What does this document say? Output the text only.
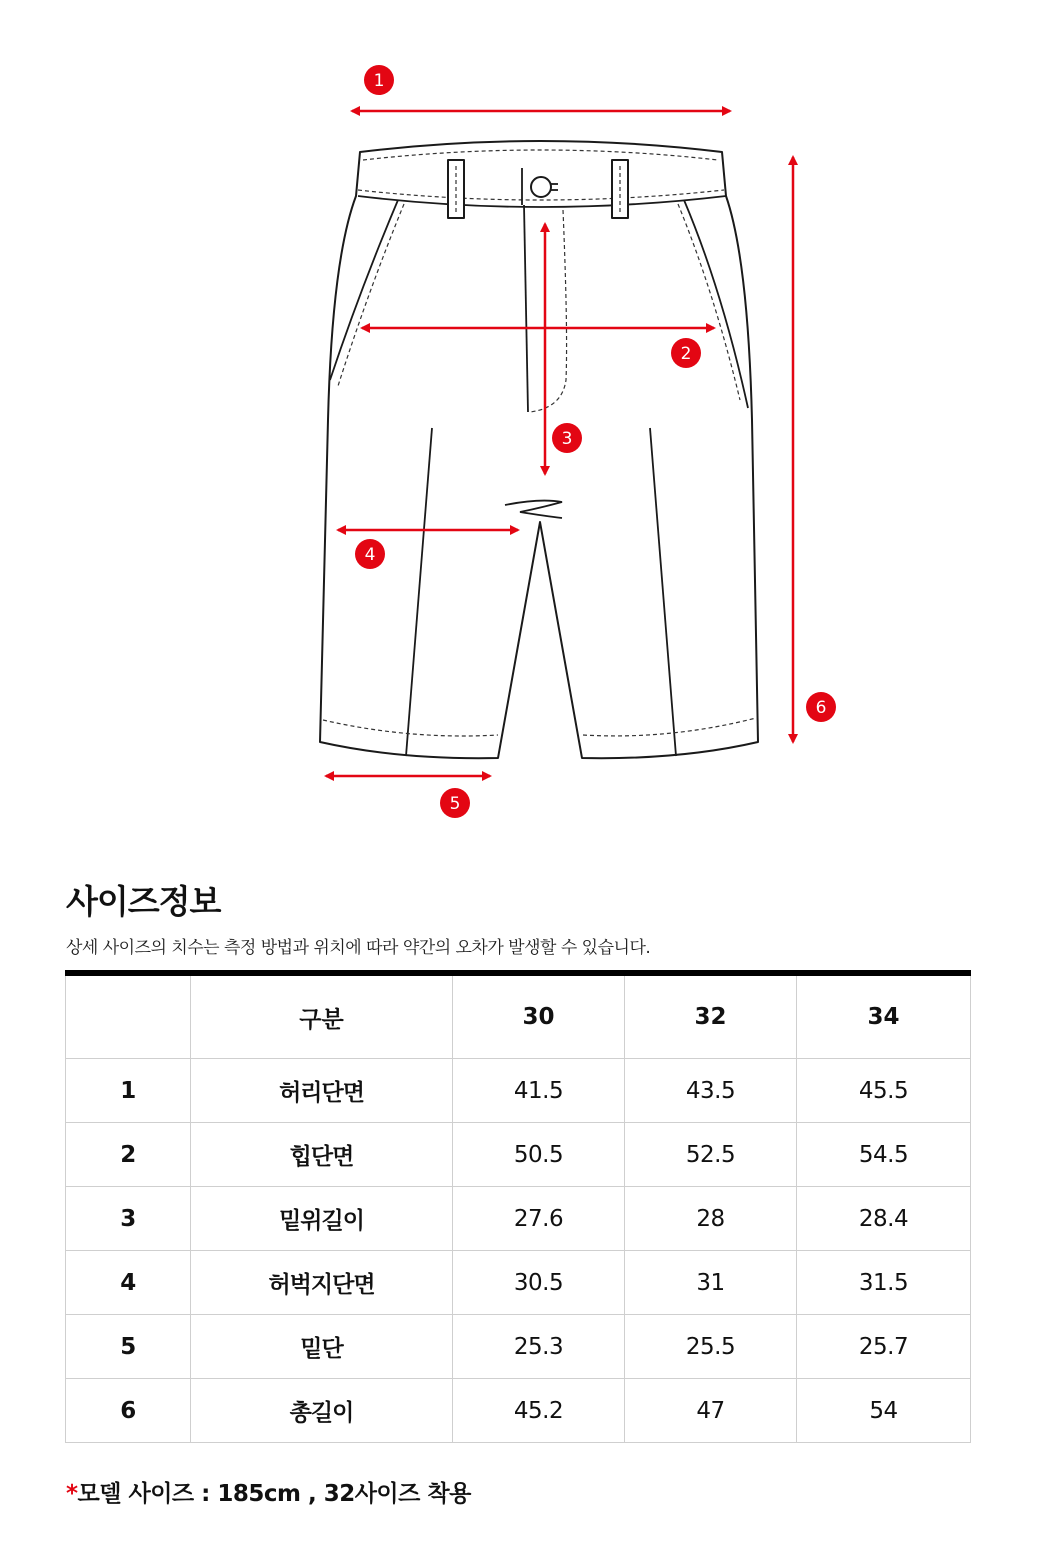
1
2
3
4
5
6
사이즈정보

상세 사이즈의 치수는 측정 방법과 위치에 따라 약간의 오차가 발생할 수 있습니다.

	구분	30	32	34
1	허리단면	41.5	43.5	45.5
2	힙단면	50.5	52.5	54.5
3	밑위길이	27.6	28	28.4
4	허벅지단면	30.5	31	31.5
5	밑단	25.3	25.5	25.7
6	총길이	45.2	47	54

*모델 사이즈 : 185cm , 32사이즈 착용
